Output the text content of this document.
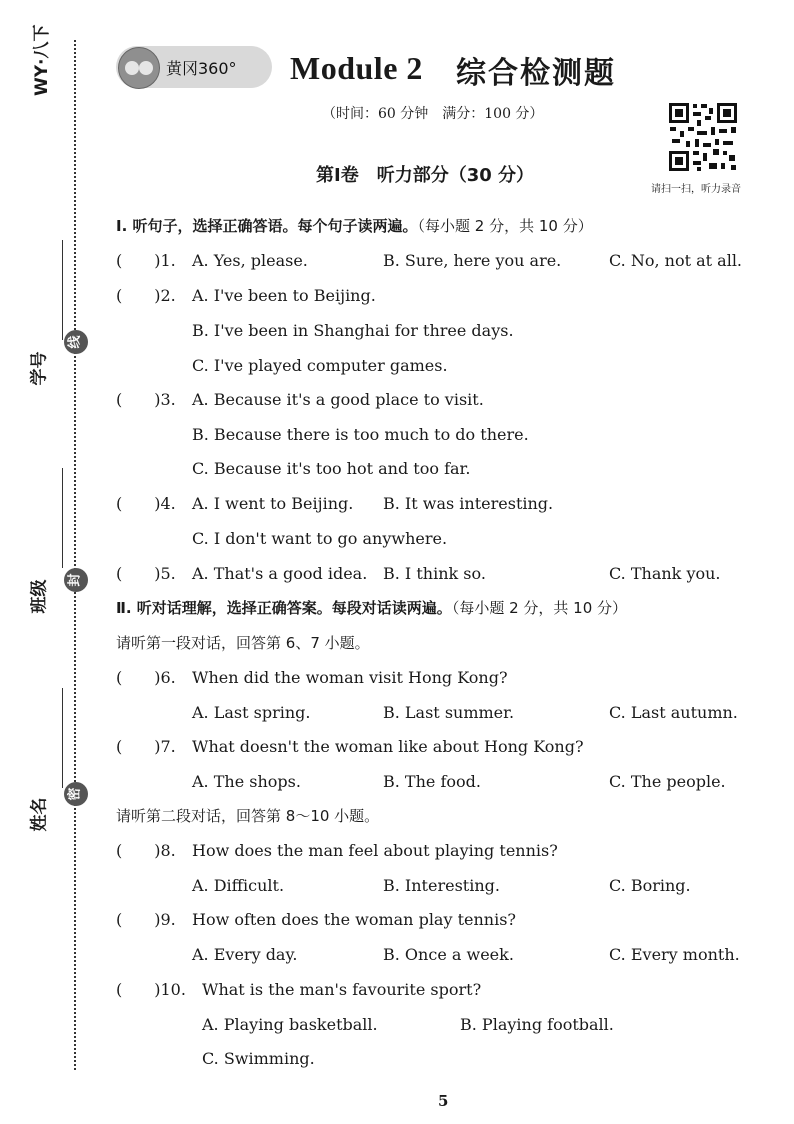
WY·八下
学号
班级
姓名
线
封
密
黄冈360° Module 2 综合检测题
（时间：60 分钟　满分：100 分）
请扫一扫，听力录音
第Ⅰ卷　听力部分（30 分）
Ⅰ. 听句子，选择正确答语。每个句子读两遍。（每小题 2 分，共 10 分）
(　　)1. A. Yes, please.	B. Sure, here you are.	C. No, not at all.
(　　)2. A. I've been to Beijing.
B. I've been in Shanghai for three days.
C. I've played computer games.
(　　)3. A. Because it's a good place to visit.
B. Because there is too much to do there.
C. Because it's too hot and too far.
(　　)4. A. I went to Beijing. B. It was interesting.
C. I don't want to go anywhere.
(　　)5. A. That's a good idea. B. I think so.	C. Thank you.
Ⅱ. 听对话理解，选择正确答案。每段对话读两遍。（每小题 2 分，共 10 分）
请听第一段对话，回答第 6、7 小题。
(　　)6. When did the woman visit Hong Kong?
A. Last spring.	B. Last summer.	C. Last autumn.
(　　)7. What doesn't the woman like about Hong Kong?
A. The shops.	B. The food.	C. The people.
请听第二段对话，回答第 8～10 小题。
(　　)8. How does the man feel about playing tennis?
A. Difficult.	B. Interesting.	C. Boring.
(　　)9. How often does the woman play tennis?
A. Every day.	B. Once a week.	C. Every month.
(　　)10. What is the man's favourite sport?
A. Playing basketball.	B. Playing football.
C. Swimming.
5
